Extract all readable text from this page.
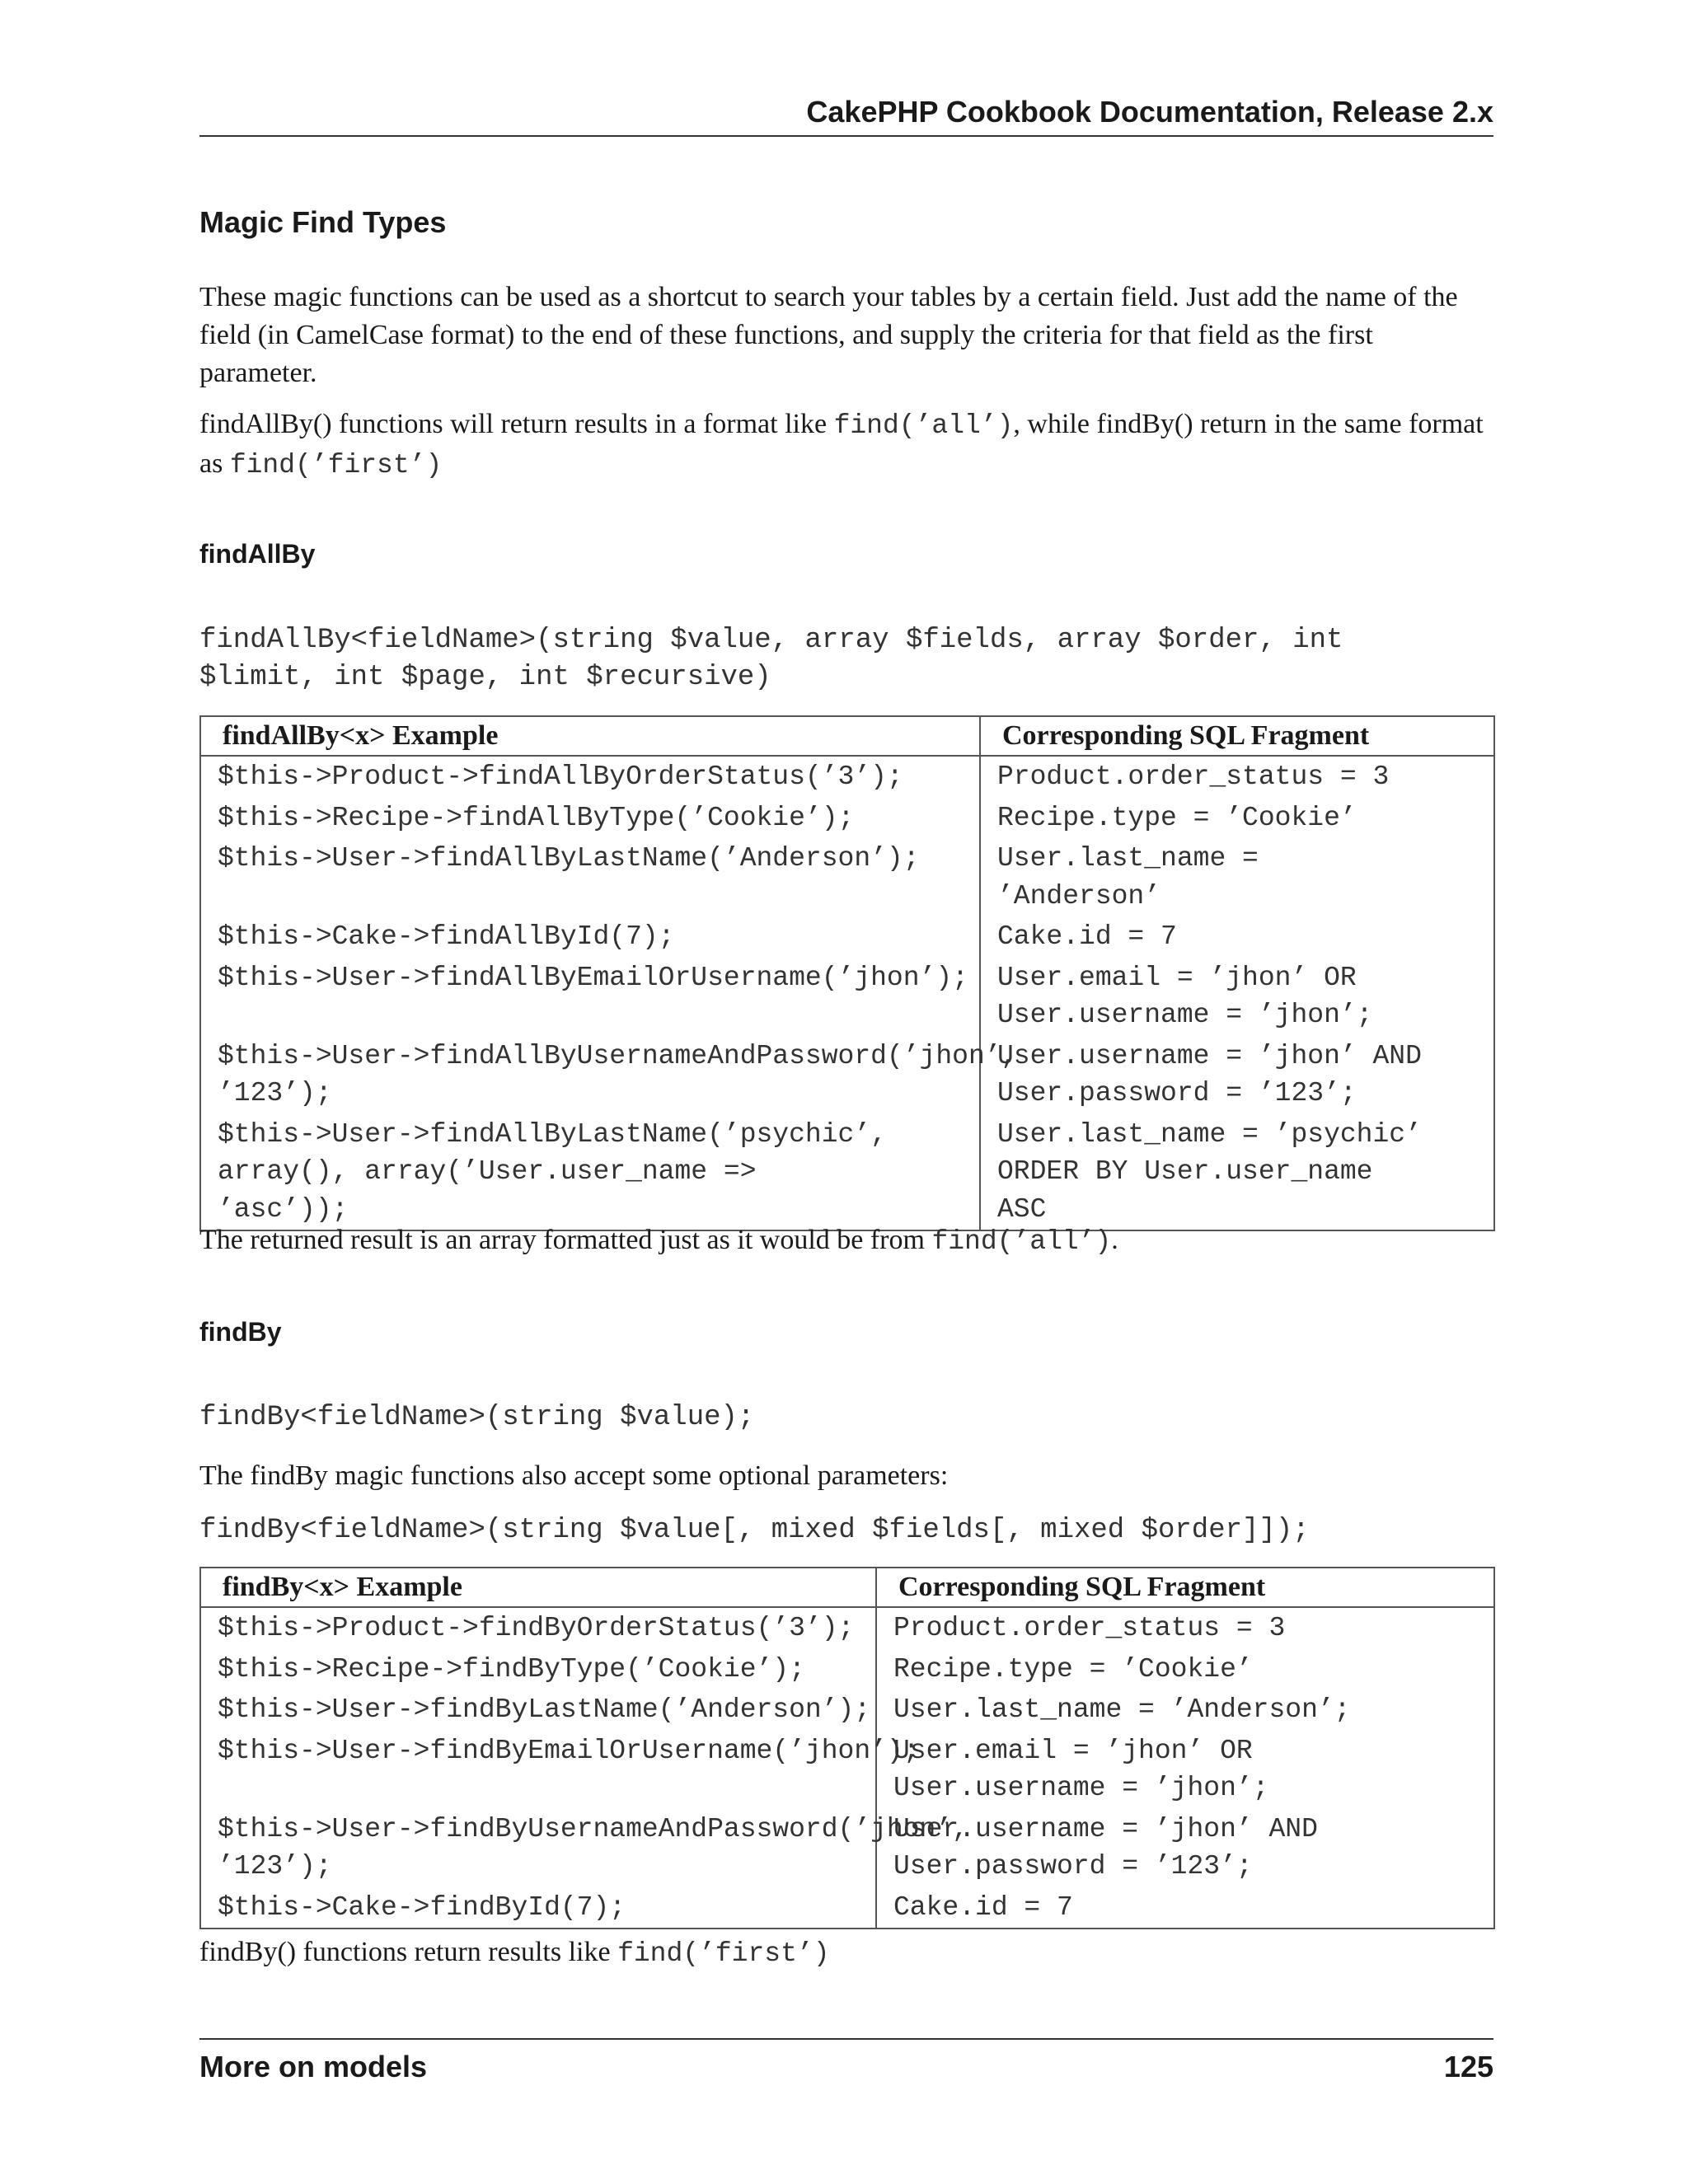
CakePHP Cookbook Documentation, Release 2.x
Magic Find Types

These magic functions can be used as a shortcut to search your tables by a certain field. Just add the name of the field (in CamelCase format) to the end of these functions, and supply the criteria for that field as the first parameter.

findAllBy() functions will return results in a format like find(’all’), while findBy() return in the same format as find(’first’)

findAllBy
findAllBy<fieldName>(string $value, array $fields, array $order, int
$limit, int $page, int $recursive)
findAllBy<x> Example	Corresponding SQL Fragment
$this->Product->findAllByOrderStatus(’3’);	Product.order_status = 3
$this->Recipe->findAllByType(’Cookie’);	Recipe.type = ’Cookie’
$this->User->findAllByLastName(’Anderson’);	User.last_name =
’Anderson’
$this->Cake->findAllById(7);	Cake.id = 7
$this->User->findAllByEmailOrUsername(’jhon’);	User.email = ’jhon’ OR
User.username = ’jhon’;
$this->User->findAllByUsernameAndPassword(’jhon’,
’123’);	User.username = ’jhon’ AND
User.password = ’123’;
$this->User->findAllByLastName(’psychic’,
array(), array(’User.user_name =>
’asc’));	User.last_name = ’psychic’
ORDER BY User.user_name
ASC

The returned result is an array formatted just as it would be from find(’all’).

findBy
findBy<fieldName>(string $value);

The findBy magic functions also accept some optional parameters:

findBy<fieldName>(string $value[, mixed $fields[, mixed $order]]);
findBy<x> Example	Corresponding SQL Fragment
$this->Product->findByOrderStatus(’3’);	Product.order_status = 3
$this->Recipe->findByType(’Cookie’);	Recipe.type = ’Cookie’
$this->User->findByLastName(’Anderson’);	User.last_name = ’Anderson’;
$this->User->findByEmailOrUsername(’jhon’);	User.email = ’jhon’ OR
User.username = ’jhon’;
$this->User->findByUsernameAndPassword(’jhon’,
’123’);	User.username = ’jhon’ AND
User.password = ’123’;
$this->Cake->findById(7);	Cake.id = 7

findBy() functions return results like find(’first’)

More on models	125
